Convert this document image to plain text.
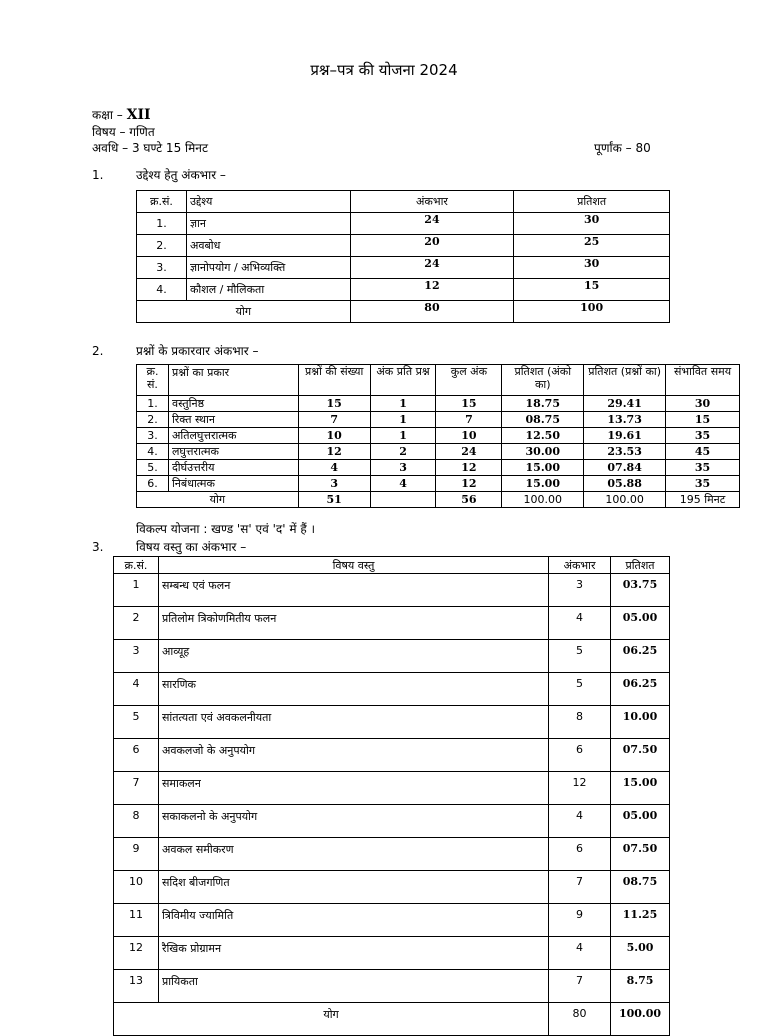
प्रश्न–पत्र की योजना 2024
कक्षा – XII
विषय – गणित
अवधि – 3 घण्टे 15 मिनट	पूर्णांक – 80
1.	उद्देश्य हेतु अंकभार –
क्र.सं.	उद्देश्य	अंकभार	प्रतिशत
1.	ज्ञान	24	30
2.	अवबोध	20	25
3.	ज्ञानोपयोग / अभिव्यक्ति	24	30
4.	कौशल / मौलिकता	12	15
योग		80	100
2.	प्रश्नों के प्रकारवार अंकभार –
क्र. सं.	प्रश्नों का प्रकार	प्रश्नों की संख्या	अंक प्रति प्रश्न	कुल अंक	प्रतिशत (अंको का)	प्रतिशत (प्रश्नों का)	संभावित समय
1.	वस्तुनिष्ठ	15	1	15	18.75	29.41	30
2.	रिक्त स्थान	7	1	7	08.75	13.73	15
3.	अतिलघुत्तरात्मक	10	1	10	12.50	19.61	35
4.	लघुत्तरात्मक	12	2	24	30.00	23.53	45
5.	दीर्घउत्तरीय	4	3	12	15.00	07.84	35
6.	निबंधात्मक	3	4	12	15.00	05.88	35
योग		51		56	100.00	100.00	195 मिनट
विकल्प योजना : खण्ड 'स' एवं 'द' में हैं ।
3.	विषय वस्तु का अंकभार –
क्र.सं.	विषय वस्तु	अंकभार	प्रतिशत
1	सम्बन्ध एवं फलन	3	03.75
2	प्रतिलोम त्रिकोणमितीय फलन	4	05.00
3	आव्यूह	5	06.25
4	सारणिक	5	06.25
5	सांतत्यता एवं अवकलनीयता	8	10.00
6	अवकलजो के अनुपयोग	6	07.50
7	समाकलन	12	15.00
8	सकाकलनो के अनुपयोग	4	05.00
9	अवकल समीकरण	6	07.50
10	सदिश बीजगणित	7	08.75
11	त्रिविमीय ज्यामिति	9	11.25
12	रैखिक प्रोग्रामन	4	5.00
13	प्रायिकता	7	8.75
योग		80	100.00
